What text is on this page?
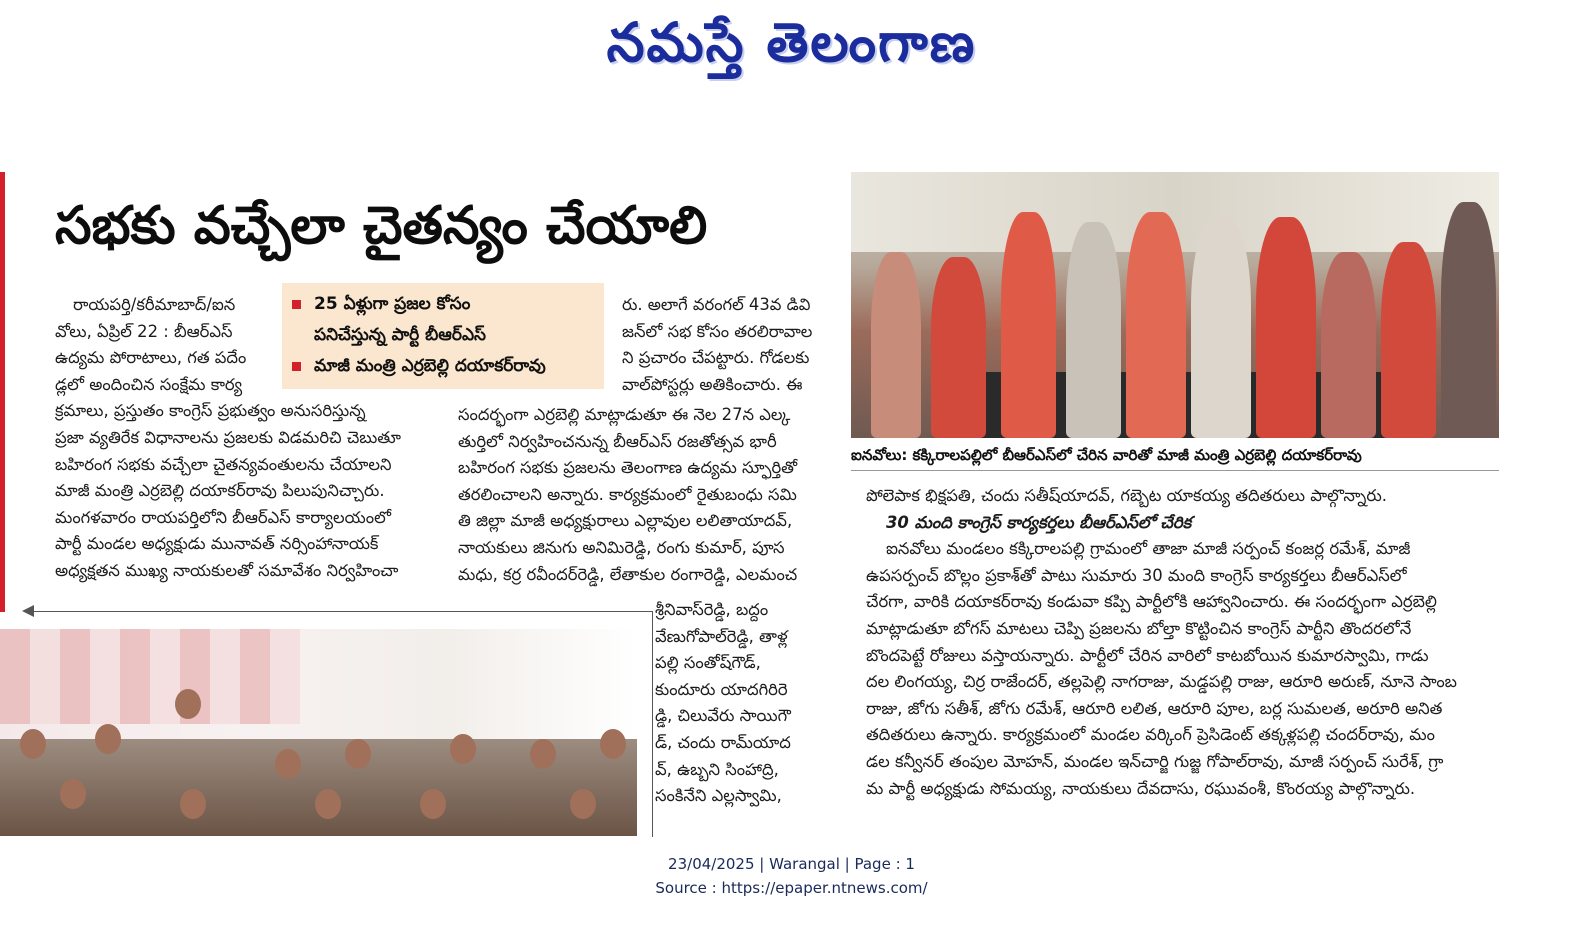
నమస్తే తెలంగాణ
సభకు వచ్చేలా చైతన్యం చేయాలి
25 ఏళ్లుగా ప్రజల కోసం
పనిచేస్తున్న పార్టీ బీఆర్ఎస్
మాజీ మంత్రి ఎర్రబెల్లి దయాకర్‌రావు

రాయపర్తి/కరీమాబాద్/ఐన

వోలు, ఏప్రిల్ 22 : బీఆర్ఎస్

ఉద్యమ పోరాటాలు, గత పదేం

డ్లలో అందించిన సంక్షేమ కార్య

క్రమాలు, ప్రస్తుతం కాంగ్రెస్ ప్రభుత్వం అనుసరిస్తున్న

ప్రజా వ్యతిరేక విధానాలను ప్రజలకు విడమరిచి చెబుతూ

బహిరంగ సభకు వచ్చేలా చైతన్యవంతులను చేయాలని

మాజీ మంత్రి ఎర్రబెల్లి దయాకర్‌రావు పిలుపునిచ్చారు.

మంగళవారం రాయపర్తిలోని బీఆర్ఎస్ కార్యాలయంలో

పార్టీ మండల అధ్యక్షుడు మునావత్ నర్సింహానాయక్

అధ్యక్షతన ముఖ్య నాయకులతో సమావేశం నిర్వహించా

రు. అలాగే వరంగల్ 43వ డివి

జన్‌లో సభ కోసం తరలిరావాల

ని ప్రచారం చేపట్టారు. గోడలకు

వాల్‌పోస్టర్లు అతికించారు. ఈ

సందర్భంగా ఎర్రబెల్లి మాట్లాడుతూ ఈ నెల 27న ఎల్క

తుర్తిలో నిర్వహించనున్న బీఆర్ఎస్ రజతోత్సవ భారీ

బహిరంగ సభకు ప్రజలను తెలంగాణ ఉద్యమ స్ఫూర్తితో

తరలించాలని అన్నారు. కార్యక్రమంలో రైతుబంధు సమి

తి జిల్లా మాజీ అధ్యక్షురాలు ఎల్లావుల లలితాయాదవ్,

నాయకులు జినుగు అనిమిరెడ్డి, రంగు కుమార్, పూస

మధు, కర్ర రవీందర్‌రెడ్డి, లేతాకుల రంగారెడ్డి, ఎలమంచ

శ్రీనివాస్‌రెడ్డి, బద్దం

వేణుగోపాల్‌రెడ్డి, తాళ్ల

పల్లి సంతోష్‌గౌడ్,

కుందూరు యాదగిరిరె

డ్డి, చిలువేరు సాయిగౌ

డ్, చందు రామ్‌యాద

వ్, ఉబ్బని సింహాద్రి,

సంకినేని ఎల్లస్వామి,

ఐనవోలు: కక్కిరాలపల్లిలో బీఆర్ఎస్‌లో చేరిన వారితో మాజీ మంత్రి ఎర్రబెల్లి దయాకర్‌రావు

పోలెపాక భిక్షపతి, చందు సతీష్‌యాదవ్, గబ్బెట యాకయ్య తదితరులు పాల్గొన్నారు.

30 మంది కాంగ్రెస్ కార్యకర్తలు బీఆర్ఎస్‌లో చేరిక

ఐనవోలు మండలం కక్కిరాలపల్లి గ్రామంలో తాజా మాజీ సర్పంచ్ కంజర్ల రమేశ్, మాజీ

ఉపసర్పంచ్ బొల్లం ప్రకాశ్‌తో పాటు సుమారు 30 మంది కాంగ్రెస్ కార్యకర్తలు బీఆర్ఎస్‌లో

చేరగా, వారికి దయాకర్‌రావు కండువా కప్పి పార్టీలోకి ఆహ్వానించారు. ఈ సందర్భంగా ఎర్రబెల్లి

మాట్లాడుతూ బోగస్ మాటలు చెప్పి ప్రజలను బోల్తా కొట్టించిన కాంగ్రెస్ పార్టీని తొందరలోనే

బొందపెట్టే రోజులు వస్తాయన్నారు. పార్టీలో చేరిన వారిలో కాటబోయిన కుమారస్వామి, గాడు

దల లింగయ్య, చిర్ర రాజేందర్, తల్లపెల్లి నాగరాజు, మడ్డపల్లి రాజు, ఆరూరి అరుణ్, నూనె సాంబ

రాజు, జోగు సతీశ్, జోగు రమేశ్, ఆరూరి లలిత, ఆరూరి పూల, బర్ల సుమలత, అరూరి అనిత

తదితరులు ఉన్నారు. కార్యక్రమంలో మండల వర్కింగ్ ప్రెసిడెంట్ తక్కళ్లపల్లి చందర్‌రావు, మం

డల కన్వీనర్ తంపుల మోహన్, మండల ఇన్‌చార్జి గుజ్జ గోపాల్‌రావు, మాజీ సర్పంచ్ సురేశ్, గ్రా

మ పార్టీ అధ్యక్షుడు సోమయ్య, నాయకులు దేవదాసు, రఘువంశీ, కొంరయ్య పాల్గొన్నారు.

23/04/2025 | Warangal | Page : 1
Source : https://epaper.ntnews.com/
